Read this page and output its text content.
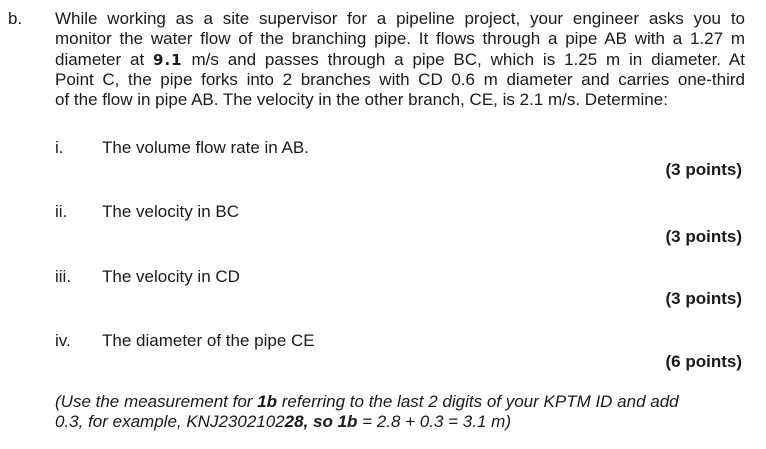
b. While working as a site supervisor for a pipeline project, your engineer asks you to
monitor the water flow of the branching pipe. It flows through a pipe AB with a 1.27 m
diameter at 9.1 m/s and passes through a pipe BC, which is 1.25 m in diameter. At
Point C, the pipe forks into 2 branches with CD 0.6 m diameter and carries one-third
of the flow in pipe AB. The velocity in the other branch, CE, is 2.1 m/s. Determine:
i. The volume flow rate in AB.
(3 points)
ii. The velocity in BC
(3 points)
iii. The velocity in CD
(3 points)
iv. The diameter of the pipe CE
(6 points)
(Use the measurement for 1b referring to the last 2 digits of your KPTM ID and add
0.3, for example, KNJ230210228, so 1b = 2.8 + 0.3 = 3.1 m)
